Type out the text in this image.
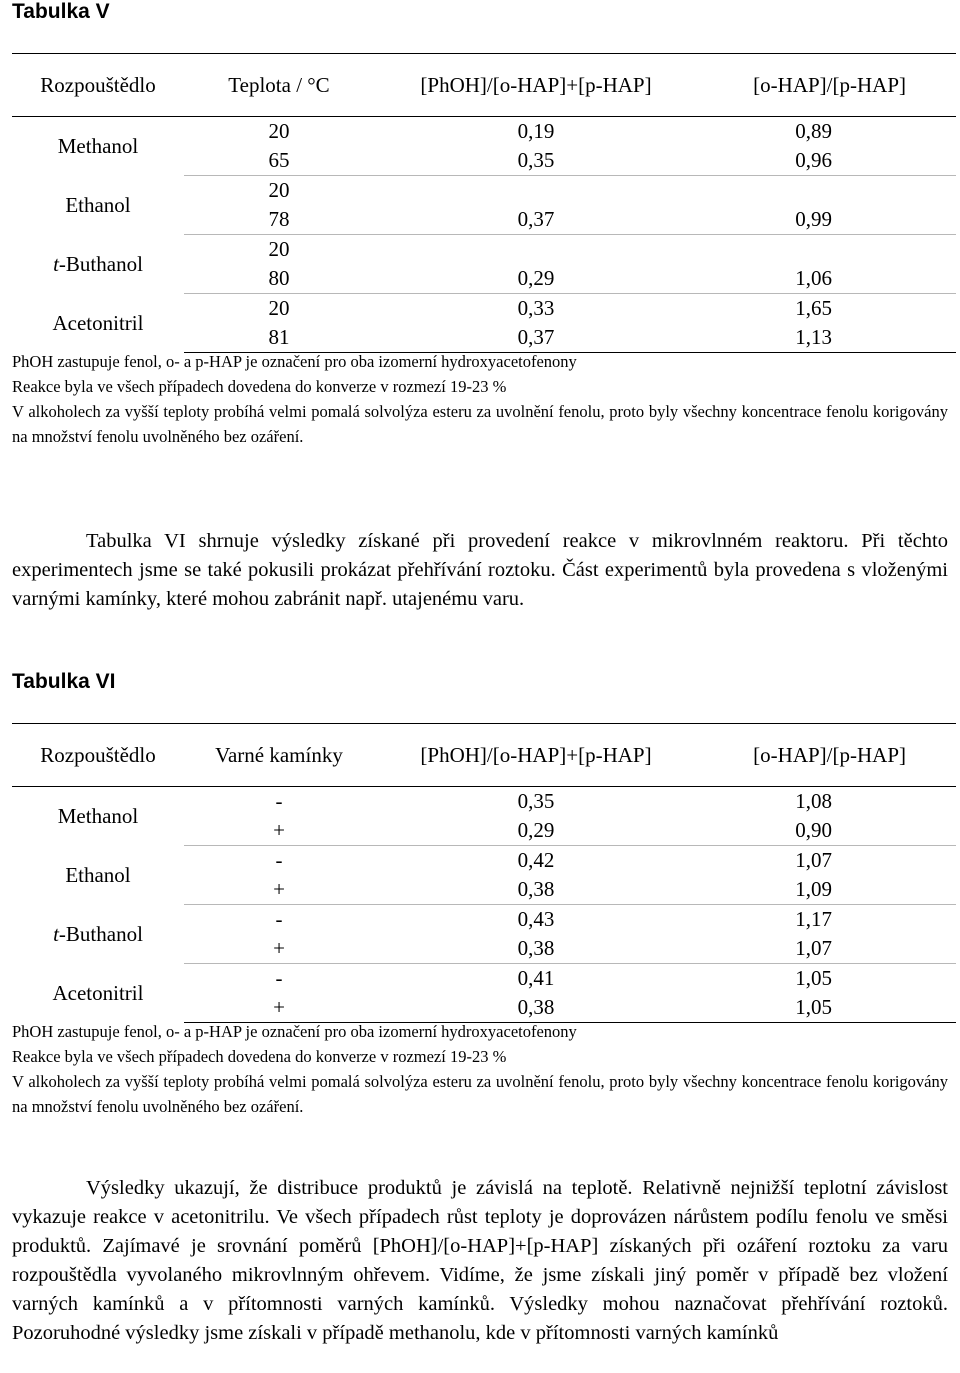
Tabulka V
Rozpouštědlo	Teplota / °C	[PhOH]/[o-HAP]+[p-HAP]	[o-HAP]/[p-HAP]
Methanol	20	0,19	0,89
	65	0,35	0,96
Ethanol	20		
	78	0,37	0,99
t-Buthanol	20		
	80	0,29	1,06
Acetonitril	20	0,33	1,65
	81	0,37	1,13

PhOH zastupuje fenol, o- a p-HAP je označení pro oba izomerní hydroxyacetofenony

Reakce byla ve všech případech dovedena do konverze v rozmezí 19-23 %

V alkoholech za vyšší teploty probíhá velmi pomalá solvolýza esteru za uvolnění fenolu, proto byly všechny koncentrace fenolu korigovány na množství fenolu uvolněného bez ozáření.

Tabulka VI shrnuje výsledky získané při provedení reakce v mikrovlnném reaktoru. Při těchto experimentech jsme se také pokusili prokázat přehřívání roztoku. Část experimentů byla provedena s vloženými varnými kamínky, které mohou zabránit např. utajenému varu.

Tabulka VI
Rozpouštědlo	Varné kamínky	[PhOH]/[o-HAP]+[p-HAP]	[o-HAP]/[p-HAP]
Methanol	-	0,35	1,08
	+	0,29	0,90
Ethanol	-	0,42	1,07
	+	0,38	1,09
t-Buthanol	-	0,43	1,17
	+	0,38	1,07
Acetonitril	-	0,41	1,05
	+	0,38	1,05

PhOH zastupuje fenol, o- a p-HAP je označení pro oba izomerní hydroxyacetofenony

Reakce byla ve všech případech dovedena do konverze v rozmezí 19-23 %

V alkoholech za vyšší teploty probíhá velmi pomalá solvolýza esteru za uvolnění fenolu, proto byly všechny koncentrace fenolu korigovány na množství fenolu uvolněného bez ozáření.

Výsledky ukazují, že distribuce produktů je závislá na teplotě. Relativně nejnižší teplotní závislost vykazuje reakce v acetonitrilu. Ve všech případech růst teploty je doprovázen nárůstem podílu fenolu ve směsi produktů. Zajímavé je srovnání poměrů [PhOH]/[o-HAP]+[p-HAP] získaných při ozáření roztoku za varu rozpouštědla vyvolaného mikrovlnným ohřevem. Vidíme, že jsme získali jiný poměr v případě bez vložení varných kamínků a v přítomnosti varných kamínků. Výsledky mohou naznačovat přehřívání roztoků. Pozoruhodné výsledky jsme získali v případě methanolu, kde v přítomnosti varných kamínků
